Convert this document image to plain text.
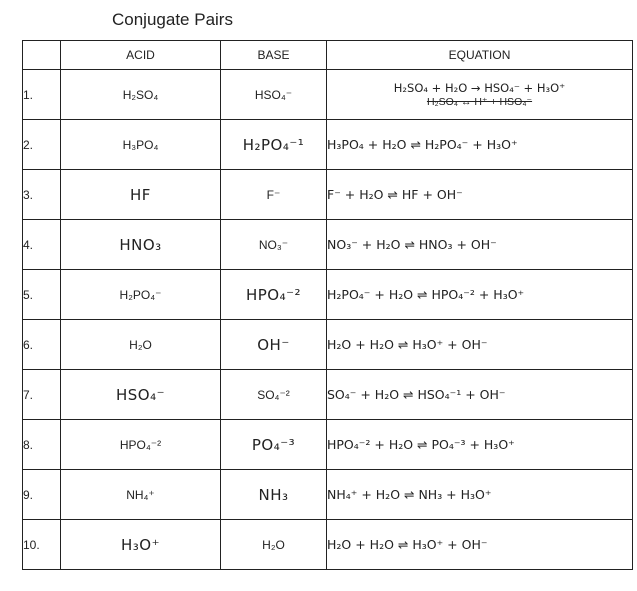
Conjugate Pairs
	ACID	BASE	EQUATION
1.	H₂SO₄	HSO₄⁻	H₂SO₄ + H₂O → HSO₄⁻ + H₃O⁺
H₂SO₄ ↔ H⁺ + HSO₄⁻

2.	H₃PO₄	H₂PO₄⁻¹	H₃PO₄ + H₂O ⇌ H₂PO₄⁻ + H₃O⁺
3.	HF	F⁻	F⁻ + H₂O ⇌ HF + OH⁻
4.	HNO₃	NO₃⁻	NO₃⁻ + H₂O ⇌ HNO₃ + OH⁻
5.	H₂PO₄⁻	HPO₄⁻²	H₂PO₄⁻ + H₂O ⇌ HPO₄⁻² + H₃O⁺
6.	H₂O	OH⁻	H₂O + H₂O ⇌ H₃O⁺ + OH⁻
7.	HSO₄⁻	SO₄⁻²	SO₄⁻ + H₂O ⇌ HSO₄⁻¹ + OH⁻
8.	HPO₄⁻²	PO₄⁻³	HPO₄⁻² + H₂O ⇌ PO₄⁻³ + H₃O⁺
9.	NH₄⁺	NH₃	NH₄⁺ + H₂O ⇌ NH₃ + H₃O⁺
10.	H₃O⁺	H₂O	H₂O + H₂O ⇌ H₃O⁺ + OH⁻
